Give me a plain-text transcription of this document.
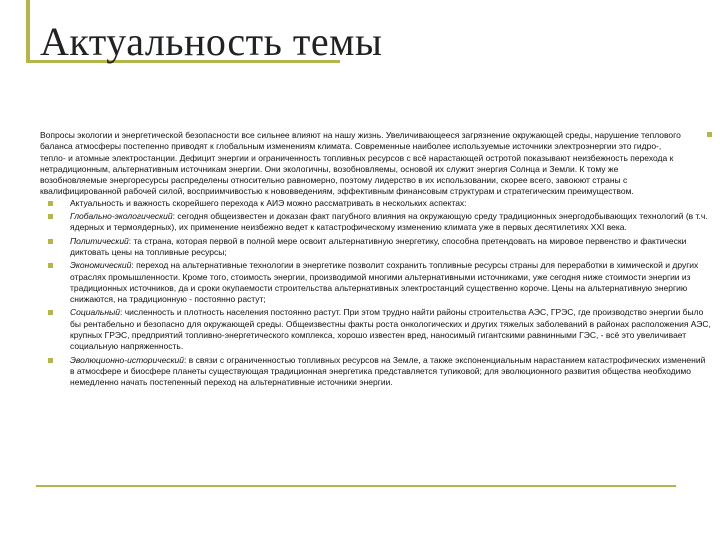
Актуальность темы
Вопросы экологии и энергетической безопасности все сильнее влияют на нашу жизнь. Увеличивающееся загрязнение окружающей среды, нарушение теплового баланса атмосферы постепенно приводят к глобальным изменениям климата. Современные наиболее используемые источники электроэнергии это гидро-, тепло- и атомные электростанции. Дефицит энергии и ограниченность топливных ресурсов с всё нарастающей остротой показывают неизбежность перехода к нетрадиционным, альтернативным источникам энергии. Они экологичны, возобновляемы, основой их служит энергия Солнца и Земли. К тому же возобновляемые энергоресурсы распределены относительно равномерно, поэтому лидерство в их использовании, скорее всего, завоюют страны с квалифицированной рабочей силой, восприимчивостью к нововведениям, эффективным финансовым структурам и стратегическим преимуществом.
Актуальность и важность скорейшего перехода к АИЭ можно рассматривать в нескольких аспектах:
Глобально-экологический: сегодня общеизвестен и доказан факт пагубного влияния на окружающую среду традиционных энергодобывающих технологий (в т.ч. ядерных и термоядерных), их применение неизбежно ведет к катастрофическому изменению климата уже в первых десятилетиях XXI века.
Политический: та страна, которая первой в полной мере освоит альтернативную энергетику, способна претендовать на мировое первенство и фактически диктовать цены на топливные ресурсы;
Экономический: переход на альтернативные технологии в энергетике позволит сохранить топливные ресурсы страны для переработки в химической и других отраслях промышленности. Кроме того, стоимость энергии, производимой многими альтернативными источниками, уже сегодня ниже стоимости энергии из традиционных источников, да и сроки окупаемости строительства альтернативных электростанций существенно короче. Цены на альтернативную энергию снижаются, на традиционную - постоянно растут;
Социальный: численность и плотность населения постоянно растут. При этом трудно найти районы строительства АЭС, ГРЭС, где производство энергии было бы рентабельно и безопасно для окружающей среды. Общеизвестны факты роста онкологических и других тяжелых заболеваний в районах расположения АЭС, крупных ГРЭС, предприятий топливно-энергетического комплекса, хорошо известен вред, наносимый гигантскими равнинными ГЭС, - всё это увеличивает социальную напряженность.
Эволюционно-исторический: в связи с ограниченностью топливных ресурсов на Земле, а также экспоненциальным нарастанием катастрофических изменений в атмосфере и биосфере планеты существующая традиционная энергетика представляется тупиковой; для эволюционного развития общества необходимо немедленно начать постепенный переход на альтернативные источники энергии.
